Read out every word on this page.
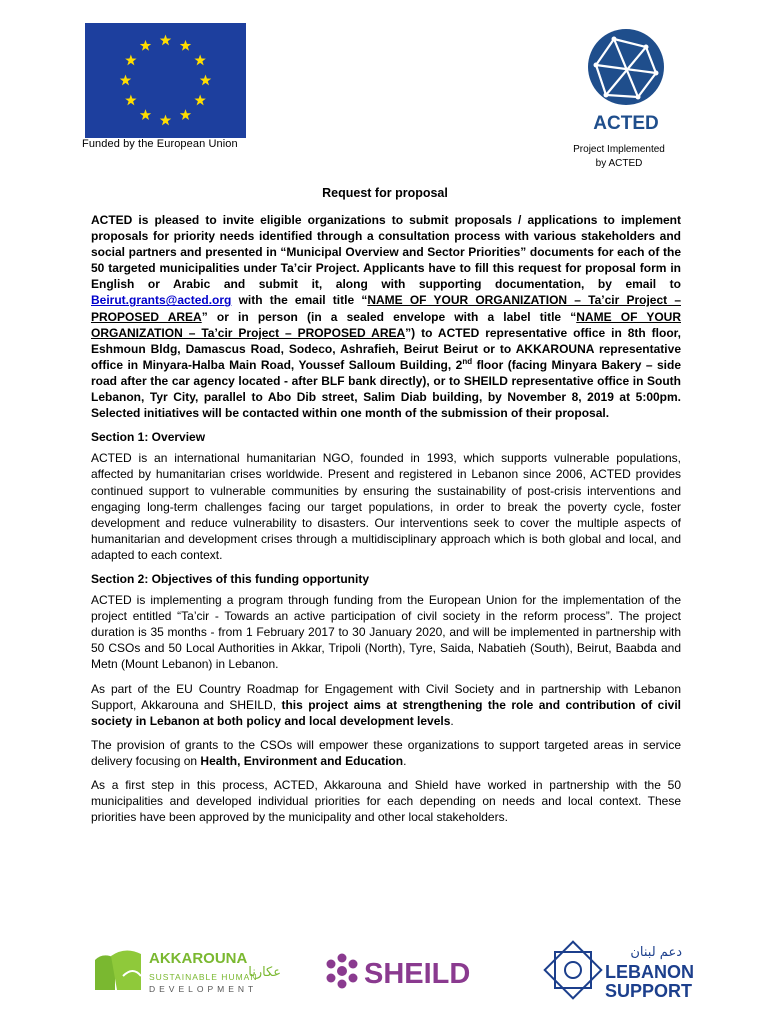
Funded by the European Union
ACTED
Project Implemented
by ACTED
Request for proposal

ACTED is pleased to invite eligible organizations to submit proposals / applications to implement proposals for priority needs identified through a consultation process with various stakeholders and social partners and presented in “Municipal Overview and Sector Priorities” documents for each of the 50 targeted municipalities under Ta’cir Project. Applicants have to fill this request for proposal form in English or Arabic and submit it, along with supporting documentation, by email to Beirut.grants@acted.org with the email title “NAME OF YOUR ORGANIZATION – Ta’cir Project – PROPOSED AREA” or in person (in a sealed envelope with a label title “NAME OF YOUR ORGANIZATION – Ta’cir Project – PROPOSED AREA”) to ACTED representative office in 8th floor, Eshmoun Bldg, Damascus Road, Sodeco, Ashrafieh, Beirut Beirut or to AKKAROUNA representative office in Minyara-Halba Main Road, Youssef Salloum Building, 2nd floor (facing Minyara Bakery – side road after the car agency located - after BLF bank directly), or to SHEILD representative office in South Lebanon, Tyr City, parallel to Abo Dib street, Salim Diab building, by November 8, 2019 at 5:00pm. Selected initiatives will be contacted within one month of the submission of their proposal.

Section 1: Overview

ACTED is an international humanitarian NGO, founded in 1993, which supports vulnerable populations, affected by humanitarian crises worldwide. Present and registered in Lebanon since 2006, ACTED provides continued support to vulnerable communities by ensuring the sustainability of post-crisis interventions and engaging long-term challenges facing our target populations, in order to break the poverty cycle, foster development and reduce vulnerability to disasters. Our interventions seek to cover the multiple aspects of humanitarian and development crises through a multidisciplinary approach which is both global and local, and adapted to each context.

Section 2: Objectives of this funding opportunity

ACTED is implementing a program through funding from the European Union for the implementation of the project entitled “Ta’cir - Towards an active participation of civil society in the reform process”. The project duration is 35 months - from 1 February 2017 to 30 January 2020, and will be implemented in partnership with 50 CSOs and 50 Local Authorities in Akkar, Tripoli (North), Tyre, Saida, Nabatieh (South), Beirut, Baabda and Metn (Mount Lebanon) in Lebanon.

As part of the EU Country Roadmap for Engagement with Civil Society and in partnership with Lebanon Support, Akkarouna and SHEILD, this project aims at strengthening the role and contribution of civil society in Lebanon at both policy and local development levels.

The provision of grants to the CSOs will empower these organizations to support targeted areas in service delivery focusing on Health, Environment and Education.

As a first step in this process, ACTED, Akkarouna and Shield have worked in partnership with the 50 municipalities and developed individual priorities for each depending on needs and local context. These priorities have been approved by the municipality and other local stakeholders.

AKKAROUNA
عكارنا
SUSTAINABLE HUMAN
DEVELOPMENT	SHEILD
دعم لبنان
LEBANON
SUPPORT
